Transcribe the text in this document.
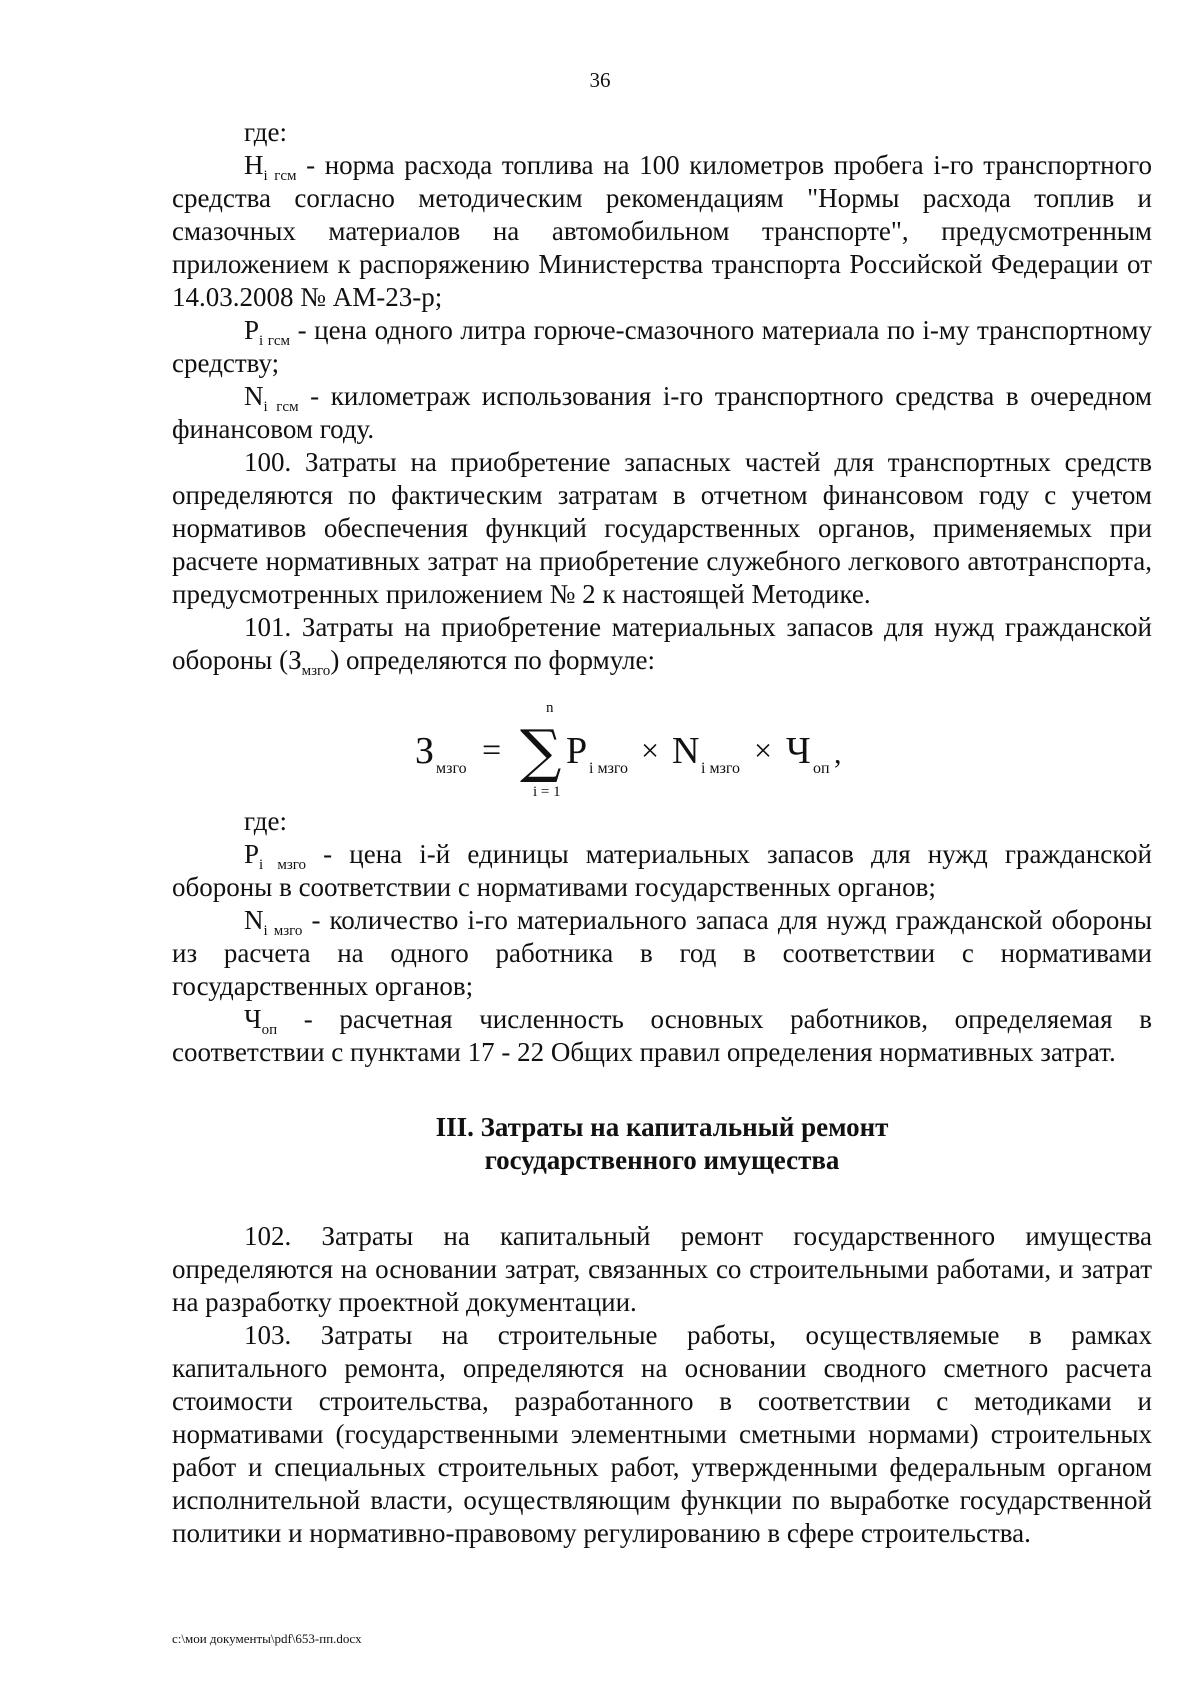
36

где:

$Н_{i гсм}$ - норма расхода топлива на 100 километров пробега i-го транспортного средства согласно методическим рекомендациям "Нормы расхода топлив и смазочных материалов на автомобильном транспорте", предусмотренным приложением к распоряжению Министерства транспорта Российской Федерации от 14.03.2008 № АМ-23-р;

$Р_{i гсм}$ - цена одного литра горюче-смазочного материала по i-му транспортному средству;

$N_{i гсм}$ - километраж использования i-го транспортного средства в очередном финансовом году.

100. Затраты на приобретение запасных частей для транспортных средств определяются по фактическим затратам в отчетном финансовом году с учетом нормативов обеспечения функций государственных органов, применяемых при расчете нормативных затрат на приобретение служебного легкового автотранспорта, предусмотренных приложением № 2 к настоящей Методике.

101. Затраты на приобретение материальных запасов для нужд гражданской обороны $(З_{мзго})$ определяются по формуле:

З мзго =
n
∑
i = 1
P i мзго
× N i мзго
× Ч оп ,

где:

$P_{i мзго}$ - цена i-й единицы материальных запасов для нужд гражданской обороны в соответствии с нормативами государственных органов;

$N_{i мзго}$ - количество i-го материального запаса для нужд гражданской обороны из расчета на одного работника в год в соответствии с нормативами государственных органов;

$Ч_{оп}$ - расчетная численность основных работников, определяемая в соответствии с пунктами 17 - 22 Общих правил определения нормативных затрат.

III. Затраты на капитальный ремонт
государственного имущества

102. Затраты на капитальный ремонт государственного имущества определяются на основании затрат, связанных со строительными работами, и затрат на разработку проектной документации.

103. Затраты на строительные работы, осуществляемые в рамках капитального ремонта, определяются на основании сводного сметного расчета стоимости строительства, разработанного в соответствии с методиками и нормативами (государственными элементными сметными нормами) строительных работ и специальных строительных работ, утвержденными федеральным органом исполнительной власти, осуществляющим функции по выработке государственной политики и нормативно-правовому регулированию в сфере строительства.

c:\мои документы\pdf\653-пп.docx
